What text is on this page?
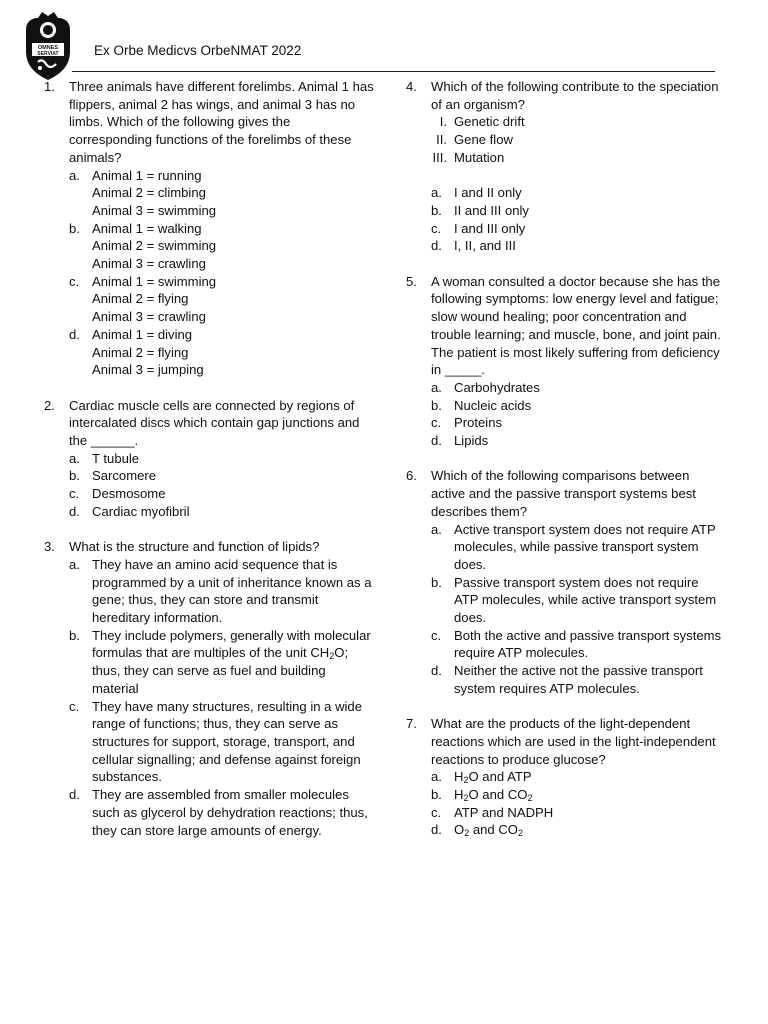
OMNES
SERVIAT	Ex Orbe Medicvs OrbeNMAT 2022
1. Three animals have different forelimbs. Animal 1 has flippers, animal 2 has wings, and animal 3 has no limbs. Which of the following gives the corresponding functions of the forelimbs of these animals?
a. Animal 1 = running
Animal 2 = climbing
Animal 3 = swimming
b. Animal 1 = walking
Animal 2 = swimming
Animal 3 = crawling
c. Animal 1 = swimming
Animal 2 = flying
Animal 3 = crawling
d. Animal 1 = diving
Animal 2 = flying
Animal 3 = jumping
2. Cardiac muscle cells are connected by regions of intercalated discs which contain gap junctions and the ______.
a. T tubule
b. Sarcomere
c. Desmosome
d. Cardiac myofibril
3. What is the structure and function of lipids?
a. They have an amino acid sequence that is programmed by a unit of inheritance known as a gene; thus, they can store and transmit hereditary information.
b. They include polymers, generally with molecular formulas that are multiples of the unit $CH_2O$; thus, they can serve as fuel and building material
c. They have many structures, resulting in a wide range of functions; thus, they can serve as structures for support, storage, transport, and cellular signalling; and defense against foreign substances.
d. They are assembled from smaller molecules such as glycerol by dehydration reactions; thus, they can store large amounts of energy.
4. Which of the following contribute to the speciation of an organism?
I. Genetic drift
II. Gene flow
III. Mutation
a. I and II only
b. II and III only
c. I and III only
d. I, II, and III
5. A woman consulted a doctor because she has the following symptoms: low energy level and fatigue; slow wound healing; poor concentration and trouble learning; and muscle, bone, and joint pain. The patient is most likely suffering from deficiency in _____.
a. Carbohydrates
b. Nucleic acids
c. Proteins
d. Lipids
6. Which of the following comparisons between active and the passive transport systems best describes them?
a. Active transport system does not require ATP molecules, while passive transport system does.
b. Passive transport system does not require ATP molecules, while active transport system does.
c. Both the active and passive transport systems require ATP molecules.
d. Neither the active not the passive transport system requires ATP molecules.
7. What are the products of the light-dependent reactions which are used in the light-independent reactions to produce glucose?
a. $H_2O$ and ATP
b. $H_2O$ and $CO_2$
c. ATP and NADPH
d. $O_2$ and $CO_2$
